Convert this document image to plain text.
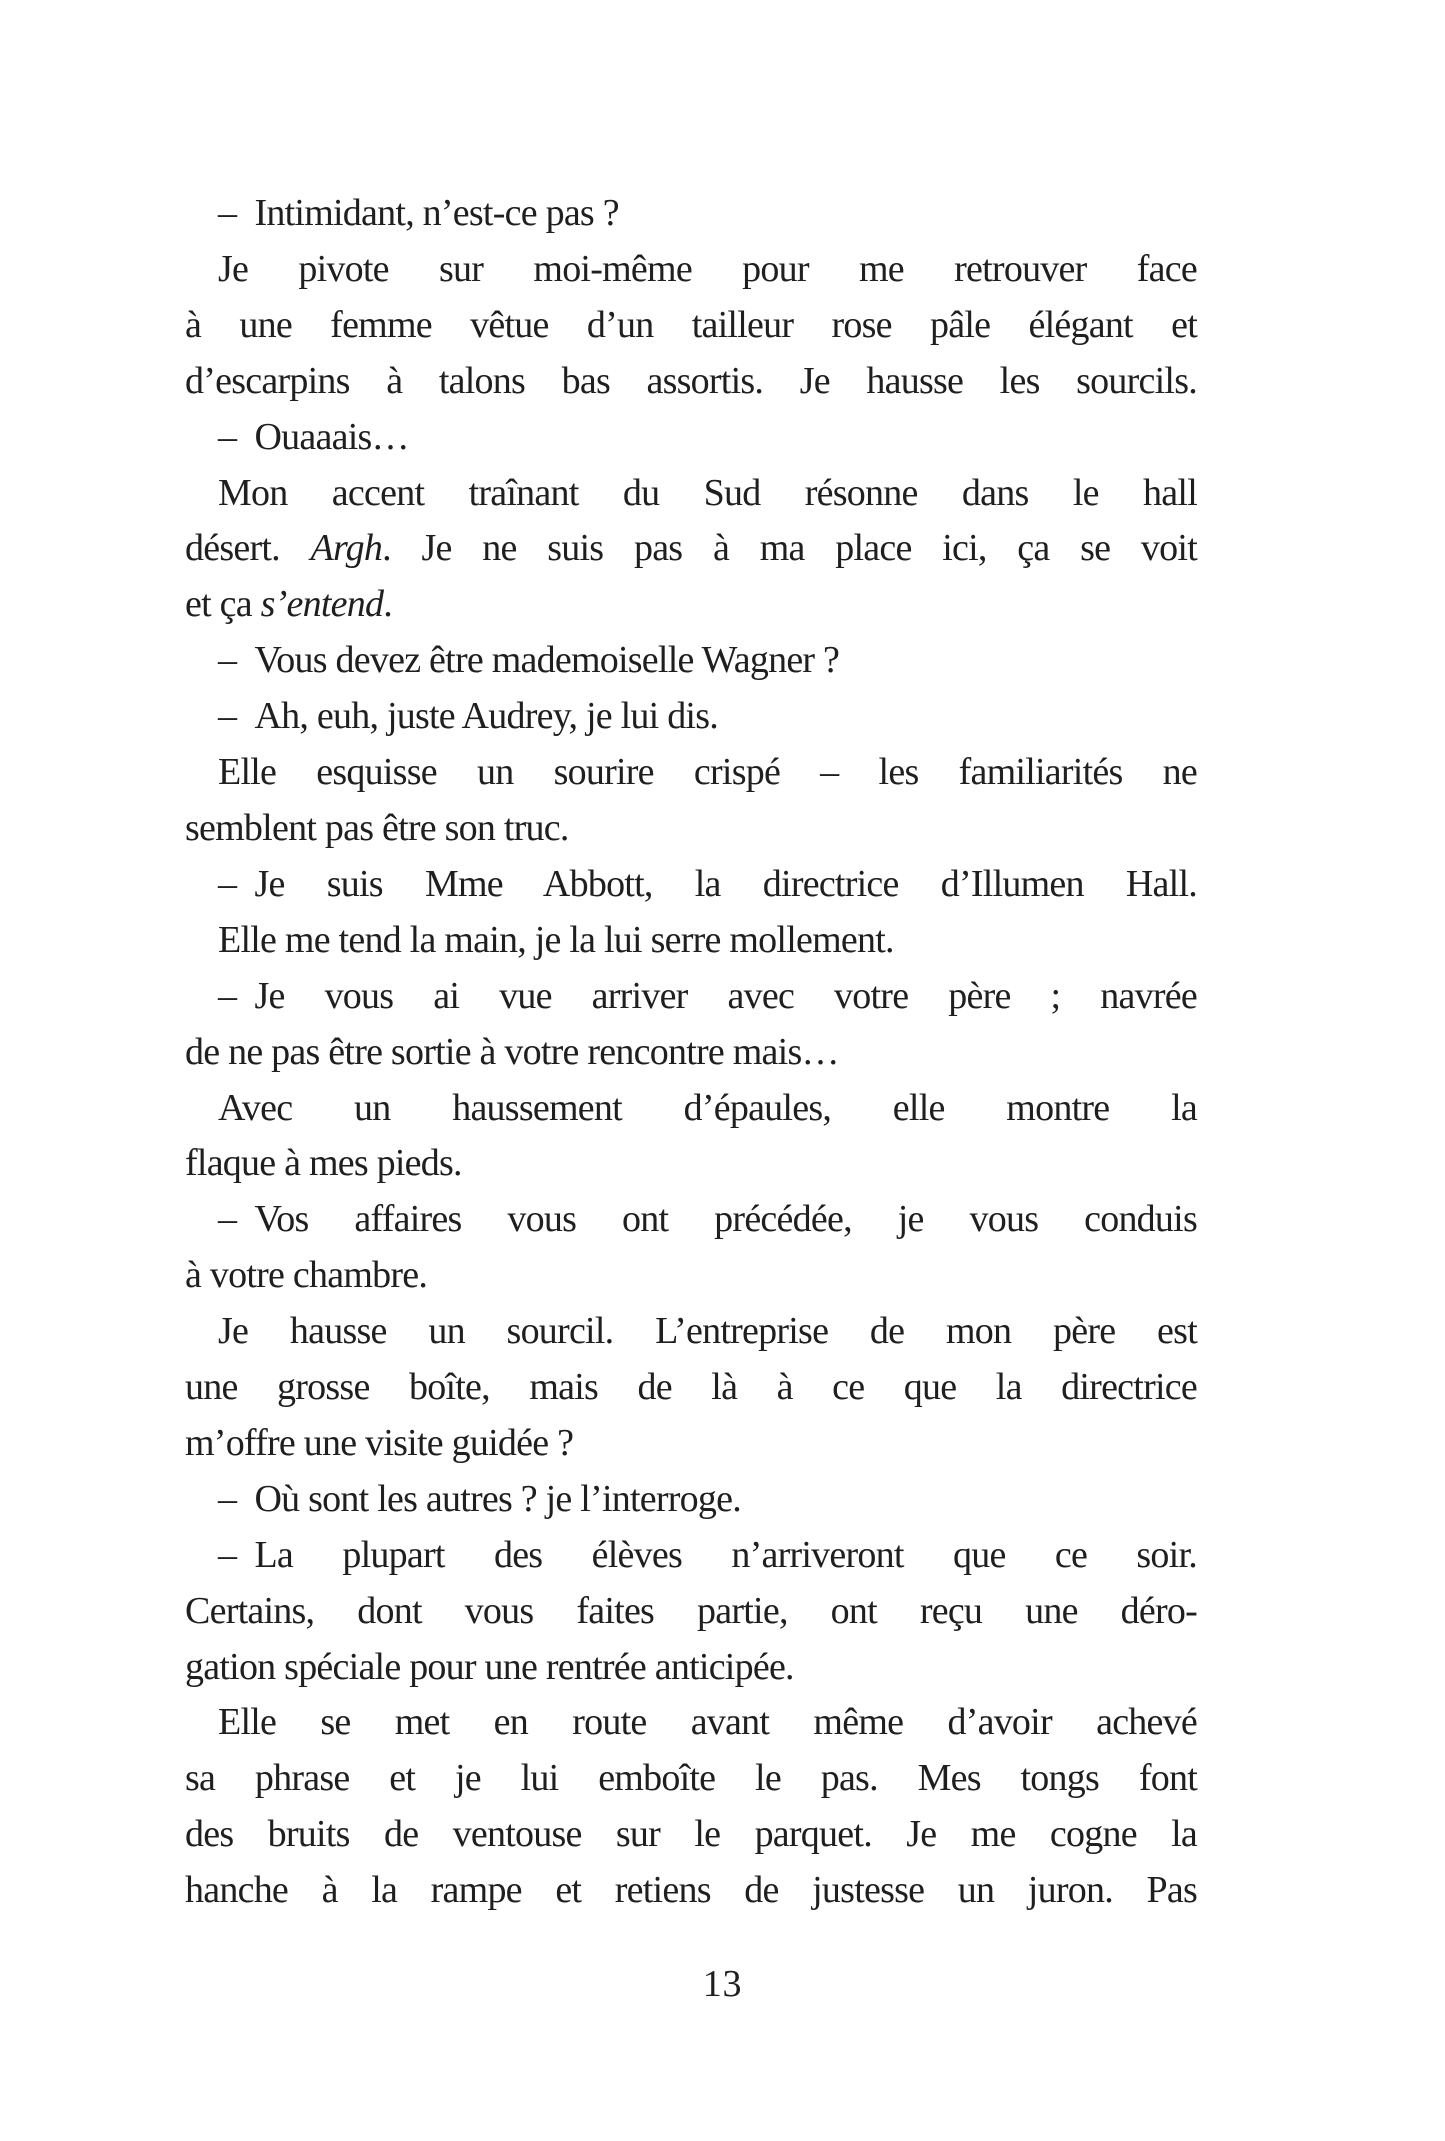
– Intimidant, n’est-ce pas ?
Je pivote sur moi-même pour me retrouver face
à une femme vêtue d’un tailleur rose pâle élégant et
d’escarpins à talons bas assortis. Je hausse les sourcils.
– Ouaaais…
Mon accent traînant du Sud résonne dans le hall
désert. Argh. Je ne suis pas à ma place ici, ça se voit
et ça s’entend.
– Vous devez être mademoiselle Wagner ?
– Ah, euh, juste Audrey, je lui dis.
Elle esquisse un sourire crispé – les familiarités ne
semblent pas être son truc.
– Je suis Mme Abbott, la directrice d’Illumen Hall.
Elle me tend la main, je la lui serre mollement.
– Je vous ai vue arriver avec votre père ; navrée
de ne pas être sortie à votre rencontre mais…
Avec un haussement d’épaules, elle montre la
flaque à mes pieds.
– Vos affaires vous ont précédée, je vous conduis
à votre chambre.
Je hausse un sourcil. L’entreprise de mon père est
une grosse boîte, mais de là à ce que la directrice
m’offre une visite guidée ?
– Où sont les autres ? je l’interroge.
– La plupart des élèves n’arriveront que ce soir.
Certains, dont vous faites partie, ont reçu une déro-
gation spéciale pour une rentrée anticipée.
Elle se met en route avant même d’avoir achevé
sa phrase et je lui emboîte le pas. Mes tongs font
des bruits de ventouse sur le parquet. Je me cogne la
hanche à la rampe et retiens de justesse un juron. Pas
13
